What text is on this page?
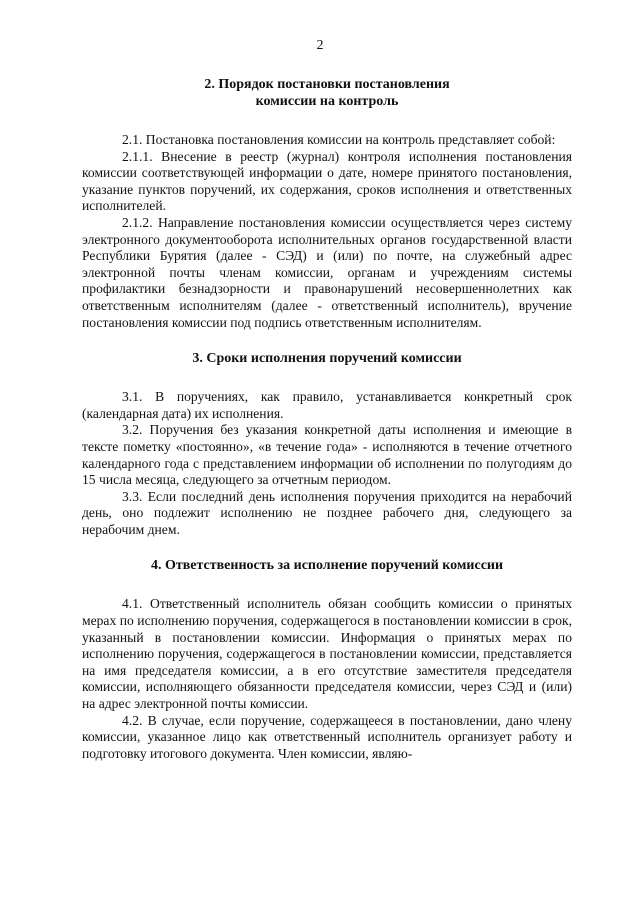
2
2. Порядок постановки постановления
комиссии на контроль

2.1. Постановка постановления комиссии на контроль представляет собой:

2.1.1. Внесение в реестр (журнал) контроля исполнения постановления комиссии соответствующей информации о дате, номере принятого постановления, указание пунктов поручений, их содержания, сроков исполнения и ответственных исполнителей.

2.1.2. Направление постановления комиссии осуществляется через систему электронного документооборота исполнительных органов государственной власти Республики Бурятия (далее - СЭД) и (или) по почте, на служебный адрес электронной почты членам комиссии, органам и учреждениям системы профилактики безнадзорности и правонарушений несовершеннолетних как ответственным исполнителям (далее - ответственный исполнитель), вручение постановления комиссии под подпись ответственным исполнителям.

3. Сроки исполнения поручений комиссии

3.1. В поручениях, как правило, устанавливается конкретный срок (календарная дата) их исполнения.

3.2. Поручения без указания конкретной даты исполнения и имеющие в тексте пометку «постоянно», «в течение года» - исполняются в течение отчетного календарного года с представлением информации об исполнении по полугодиям до 15 числа месяца, следующего за отчетным периодом.

3.3. Если последний день исполнения поручения приходится на нерабочий день, оно подлежит исполнению не позднее рабочего дня, следующего за нерабочим днем.

4. Ответственность за исполнение поручений комиссии

4.1. Ответственный исполнитель обязан сообщить комиссии о принятых мерах по исполнению поручения, содержащегося в постановлении комиссии в срок, указанный в постановлении комиссии. Информация о принятых мерах по исполнению поручения, содержащегося в постановлении комиссии, представляется на имя председателя комиссии, а в его отсутствие заместителя председателя комиссии, исполняющего обязанности председателя комиссии, через СЭД и (или) на адрес электронной почты комиссии.

4.2. В случае, если поручение, содержащееся в постановлении, дано члену комиссии, указанное лицо как ответственный исполнитель организует работу и подготовку итогового документа. Член комиссии, являю-
